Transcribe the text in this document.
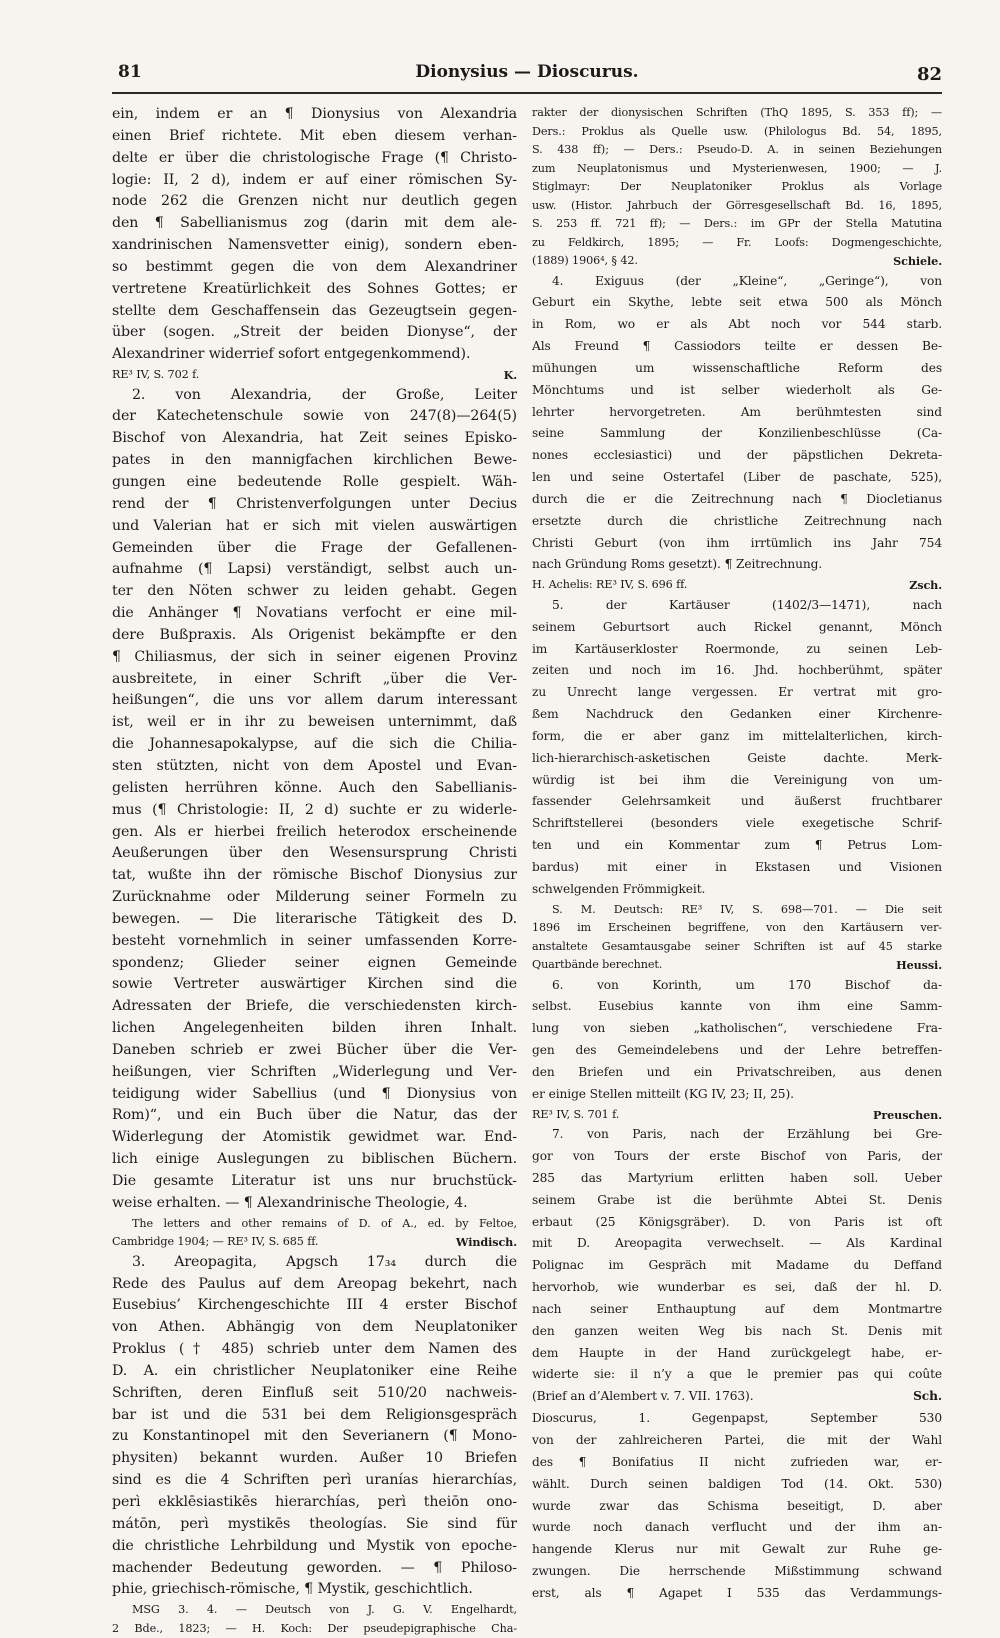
81	Dionysius — Dioscurus.	82
ein, indem er an ¶ Dionysius von Alexandria
einen Brief richtete. Mit eben diesem verhan-
delte er über die christologische Frage (¶ Christo-
logie: II, 2 d), indem er auf einer römischen Sy-
node 262 die Grenzen nicht nur deutlich gegen
den ¶ Sabellianismus zog (darin mit dem ale-
xandrinischen Namensvetter einig), sondern eben-
so bestimmt gegen die von dem Alexandriner
vertretene Kreatürlichkeit des Sohnes Gottes; er
stellte dem Geschaffensein das Gezeugtsein gegen-
über (sogen. „Streit der beiden Dionyse“, der
Alexandriner widerrief sofort entgegenkommend).
RE³ IV, S. 702 f.	K.
2. von Alexandria, der Große, Leiter
der Katechetenschule sowie von 247(8)—264(5)
Bischof von Alexandria, hat Zeit seines Episko-
pates in den mannigfachen kirchlichen Bewe-
gungen eine bedeutende Rolle gespielt. Wäh-
rend der ¶ Christenverfolgungen unter Decius
und Valerian hat er sich mit vielen auswärtigen
Gemeinden über die Frage der Gefallenen-
aufnahme (¶ Lapsi) verständigt, selbst auch un-
ter den Nöten schwer zu leiden gehabt. Gegen
die Anhänger ¶ Novatians verfocht er eine mil-
dere Bußpraxis. Als Origenist bekämpfte er den
¶ Chiliasmus, der sich in seiner eigenen Provinz
ausbreitete, in einer Schrift „über die Ver-
heißungen“, die uns vor allem darum interessant
ist, weil er in ihr zu beweisen unternimmt, daß
die Johannesapokalypse, auf die sich die Chilia-
sten stützten, nicht von dem Apostel und Evan-
gelisten herrühren könne. Auch den Sabellianis-
mus (¶ Christologie: II, 2 d) suchte er zu widerle-
gen. Als er hierbei freilich heterodox erscheinende
Aeußerungen über den Wesensursprung Christi
tat, wußte ihn der römische Bischof Dionysius zur
Zurücknahme oder Milderung seiner Formeln zu
bewegen. — Die literarische Tätigkeit des D.
besteht vornehmlich in seiner umfassenden Korre-
spondenz; Glieder seiner eignen Gemeinde
sowie Vertreter auswärtiger Kirchen sind die
Adressaten der Briefe, die verschiedensten kirch-
lichen Angelegenheiten bilden ihren Inhalt.
Daneben schrieb er zwei Bücher über die Ver-
heißungen, vier Schriften „Widerlegung und Ver-
teidigung wider Sabellius (und ¶ Dionysius von
Rom)“, und ein Buch über die Natur, das der
Widerlegung der Atomistik gewidmet war. End-
lich einige Auslegungen zu biblischen Büchern.
Die gesamte Literatur ist uns nur bruchstück-
weise erhalten. — ¶ Alexandrinische Theologie, 4.
The letters and other remains of D. of A., ed. by Feltoe,
Cambridge 1904; — RE³ IV, S. 685 ff.	Windisch.
3. Areopagita, Apgsch 17₃₄ durch die
Rede des Paulus auf dem Areopag bekehrt, nach
Eusebius’ Kirchengeschichte III 4 erster Bischof
von Athen. Abhängig von dem Neuplatoniker
Proklus († 485) schrieb unter dem Namen des
D. A. ein christlicher Neuplatoniker eine Reihe
Schriften, deren Einfluß seit 510/20 nachweis-
bar ist und die 531 bei dem Religionsgespräch
zu Konstantinopel mit den Severianern (¶ Mono-
physiten) bekannt wurden. Außer 10 Briefen
sind es die 4 Schriften perì uranías hierarchías,
perì ekklēsiastikēs hierarchías, perì theiōn ono-
mátōn, perì mystikēs theologías. Sie sind für
die christliche Lehrbildung und Mystik von epoche-
machender Bedeutung geworden. — ¶ Philoso-
phie, griechisch-römische, ¶ Mystik, geschichtlich.
MSG 3. 4. — Deutsch von J. G. V. Engelhardt,
2 Bde., 1823; — H. Koch: Der pseudepigraphische Cha-
rakter der dionysischen Schriften (ThQ 1895, S. 353 ff); —
Ders.: Proklus als Quelle usw. (Philologus Bd. 54, 1895,
S. 438 ff); — Ders.: Pseudo-D. A. in seinen Beziehungen
zum Neuplatonismus und Mysterienwesen, 1900; — J.
Stiglmayr: Der Neuplatoniker Proklus als Vorlage
usw. (Histor. Jahrbuch der Görresgesellschaft Bd. 16, 1895,
S. 253 ff. 721 ff); — Ders.: im GPr der Stella Matutina
zu Feldkirch, 1895; — Fr. Loofs: Dogmengeschichte,
(1889) 1906⁴, § 42.	Schiele.
4. Exiguus (der „Kleine“, „Geringe“), von
Geburt ein Skythe, lebte seit etwa 500 als Mönch
in Rom, wo er als Abt noch vor 544 starb.
Als Freund ¶ Cassiodors teilte er dessen Be-
mühungen um wissenschaftliche Reform des
Mönchtums und ist selber wiederholt als Ge-
lehrter hervorgetreten. Am berühmtesten sind
seine Sammlung der Konzilienbeschlüsse (Ca-
nones ecclesiastici) und der päpstlichen Dekreta-
len und seine Ostertafel (Liber de paschate, 525),
durch die er die Zeitrechnung nach ¶ Diocletianus
ersetzte durch die christliche Zeitrechnung nach
Christi Geburt (von ihm irrtümlich ins Jahr 754
nach Gründung Roms gesetzt). ¶ Zeitrechnung.
H. Achelis: RE³ IV, S. 696 ff.	Zsch.
5. der Kartäuser (1402/3—1471), nach
seinem Geburtsort auch Rickel genannt, Mönch
im Kartäuserkloster Roermonde, zu seinen Leb-
zeiten und noch im 16. Jhd. hochberühmt, später
zu Unrecht lange vergessen. Er vertrat mit gro-
ßem Nachdruck den Gedanken einer Kirchenre-
form, die er aber ganz im mittelalterlichen, kirch-
lich-hierarchisch-asketischen Geiste dachte. Merk-
würdig ist bei ihm die Vereinigung von um-
fassender Gelehrsamkeit und äußerst fruchtbarer
Schriftstellerei (besonders viele exegetische Schrif-
ten und ein Kommentar zum ¶ Petrus Lom-
bardus) mit einer in Ekstasen und Visionen
schwelgenden Frömmigkeit.
S. M. Deutsch: RE³ IV, S. 698—701. — Die seit
1896 im Erscheinen begriffene, von den Kartäusern ver-
anstaltete Gesamtausgabe seiner Schriften ist auf 45 starke
Quartbände berechnet.	Heussi.
6. von Korinth, um 170 Bischof da-
selbst. Eusebius kannte von ihm eine Samm-
lung von sieben „katholischen“, verschiedene Fra-
gen des Gemeindelebens und der Lehre betreffen-
den Briefen und ein Privatschreiben, aus denen
er einige Stellen mitteilt (KG IV, 23; II, 25).
RE³ IV, S. 701 f.	Preuschen.
7. von Paris, nach der Erzählung bei Gre-
gor von Tours der erste Bischof von Paris, der
285 das Martyrium erlitten haben soll. Ueber
seinem Grabe ist die berühmte Abtei St. Denis
erbaut (25 Königsgräber). D. von Paris ist oft
mit D. Areopagita verwechselt. — Als Kardinal
Polignac im Gespräch mit Madame du Deffand
hervorhob, wie wunderbar es sei, daß der hl. D.
nach seiner Enthauptung auf dem Montmartre
den ganzen weiten Weg bis nach St. Denis mit
dem Haupte in der Hand zurückgelegt habe, er-
widerte sie: il n’y a que le premier pas qui coûte
(Brief an d’Alembert v. 7. VII. 1763).	Sch.
Dioscurus, 1. Gegenpapst, September 530
von der zahlreicheren Partei, die mit der Wahl
des ¶ Bonifatius II nicht zufrieden war, er-
wählt. Durch seinen baldigen Tod (14. Okt. 530)
wurde zwar das Schisma beseitigt, D. aber
wurde noch danach verflucht und der ihm an-
hangende Klerus nur mit Gewalt zur Ruhe ge-
zwungen. Die herrschende Mißstimmung schwand
erst, als ¶ Agapet I 535 das Verdammungs-
